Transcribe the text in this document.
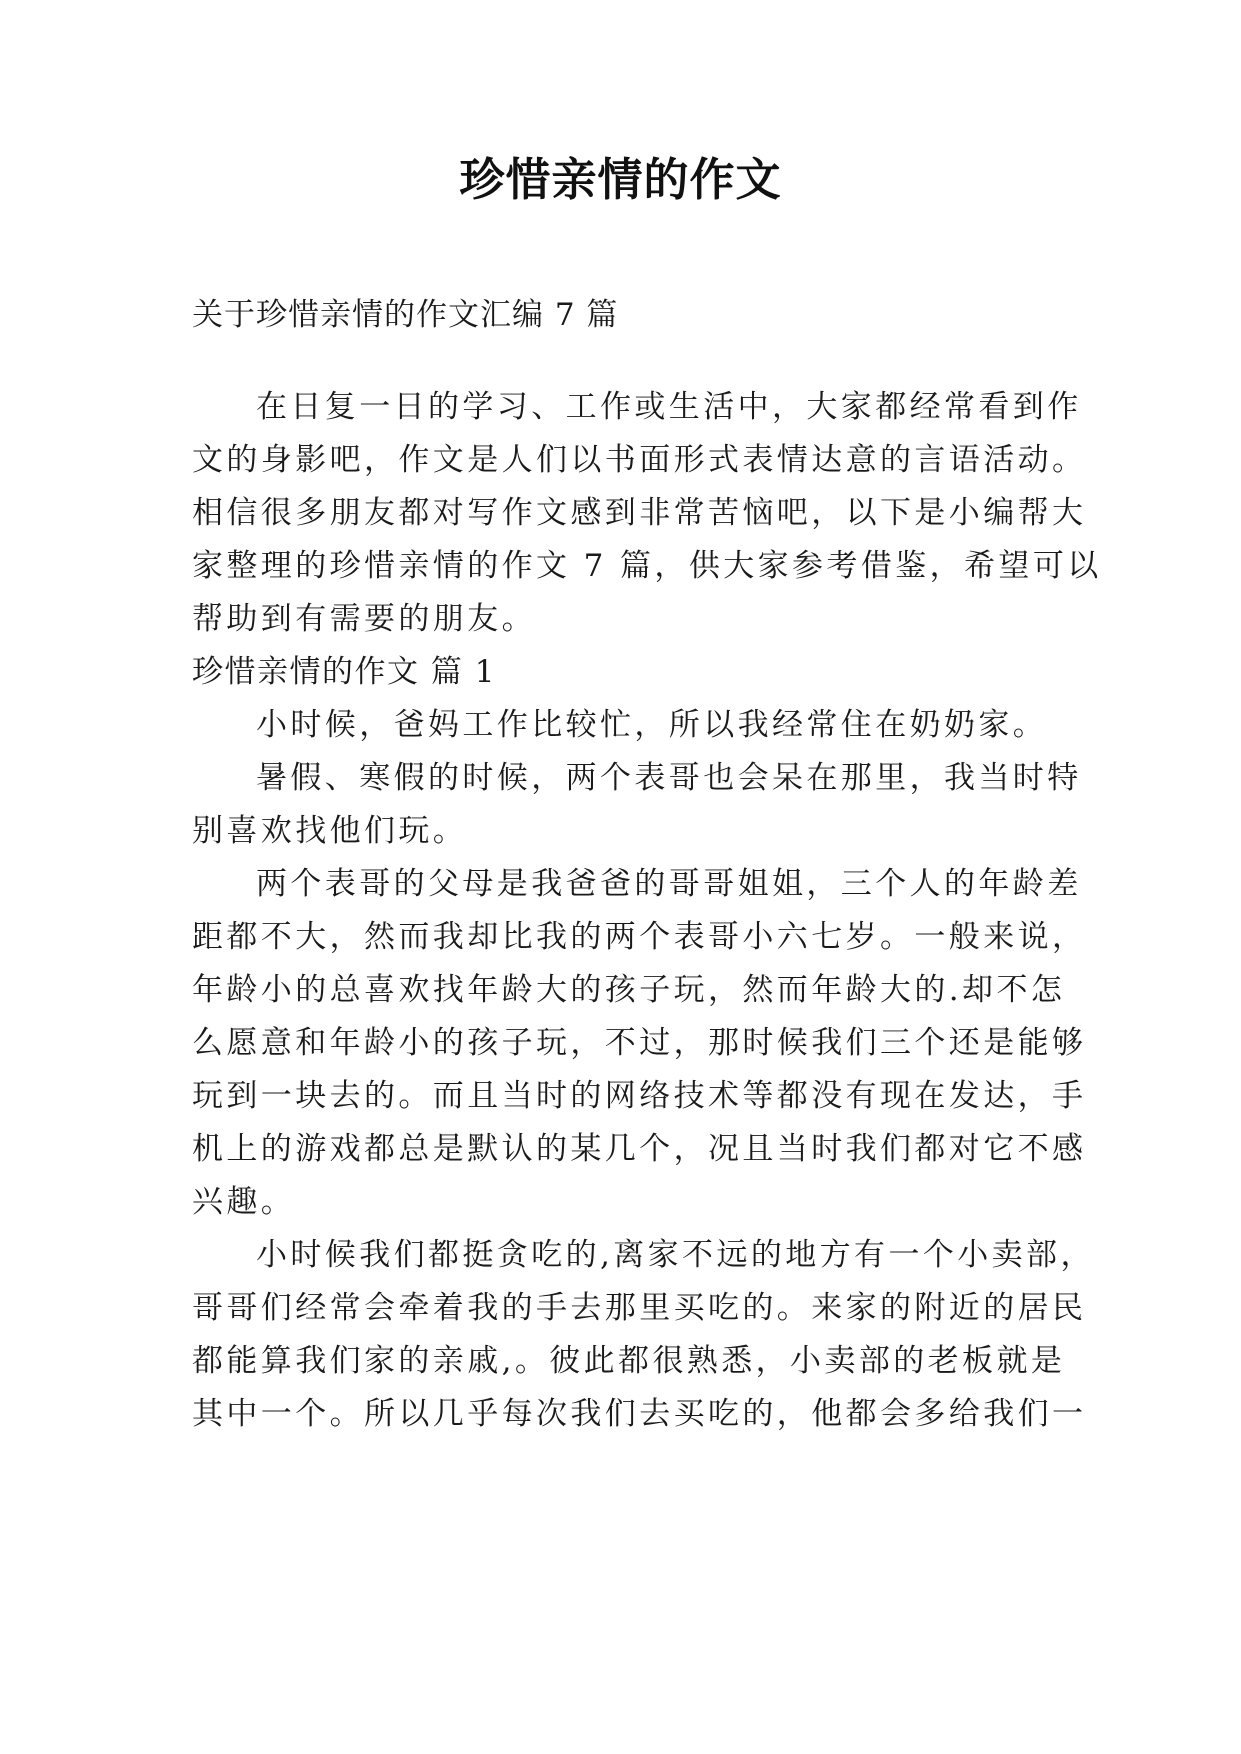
珍惜亲情的作文
关于珍惜亲情的作文汇编 7 篇
在日复一日的学习、工作或生活中，大家都经常看到作
文的身影吧，作文是人们以书面形式表情达意的言语活动。
相信很多朋友都对写作文感到非常苦恼吧，以下是小编帮大
家整理的珍惜亲情的作文 7 篇，供大家参考借鉴，希望可以
帮助到有需要的朋友。
珍惜亲情的作文 篇 1
小时候，爸妈工作比较忙，所以我经常住在奶奶家。
暑假、寒假的时候，两个表哥也会呆在那里，我当时特
别喜欢找他们玩。
两个表哥的父母是我爸爸的哥哥姐姐，三个人的年龄差
距都不大，然而我却比我的两个表哥小六七岁。一般来说，
年龄小的总喜欢找年龄大的孩子玩，然而年龄大的.却不怎
么愿意和年龄小的孩子玩，不过，那时候我们三个还是能够
玩到一块去的。而且当时的网络技术等都没有现在发达，手
机上的游戏都总是默认的某几个，况且当时我们都对它不感
兴趣。
小时候我们都挺贪吃的,离家不远的地方有一个小卖部，
哥哥们经常会牵着我的手去那里买吃的。来家的附近的居民
都能算我们家的亲戚,。彼此都很熟悉，小卖部的老板就是
其中一个。所以几乎每次我们去买吃的，他都会多给我们一
